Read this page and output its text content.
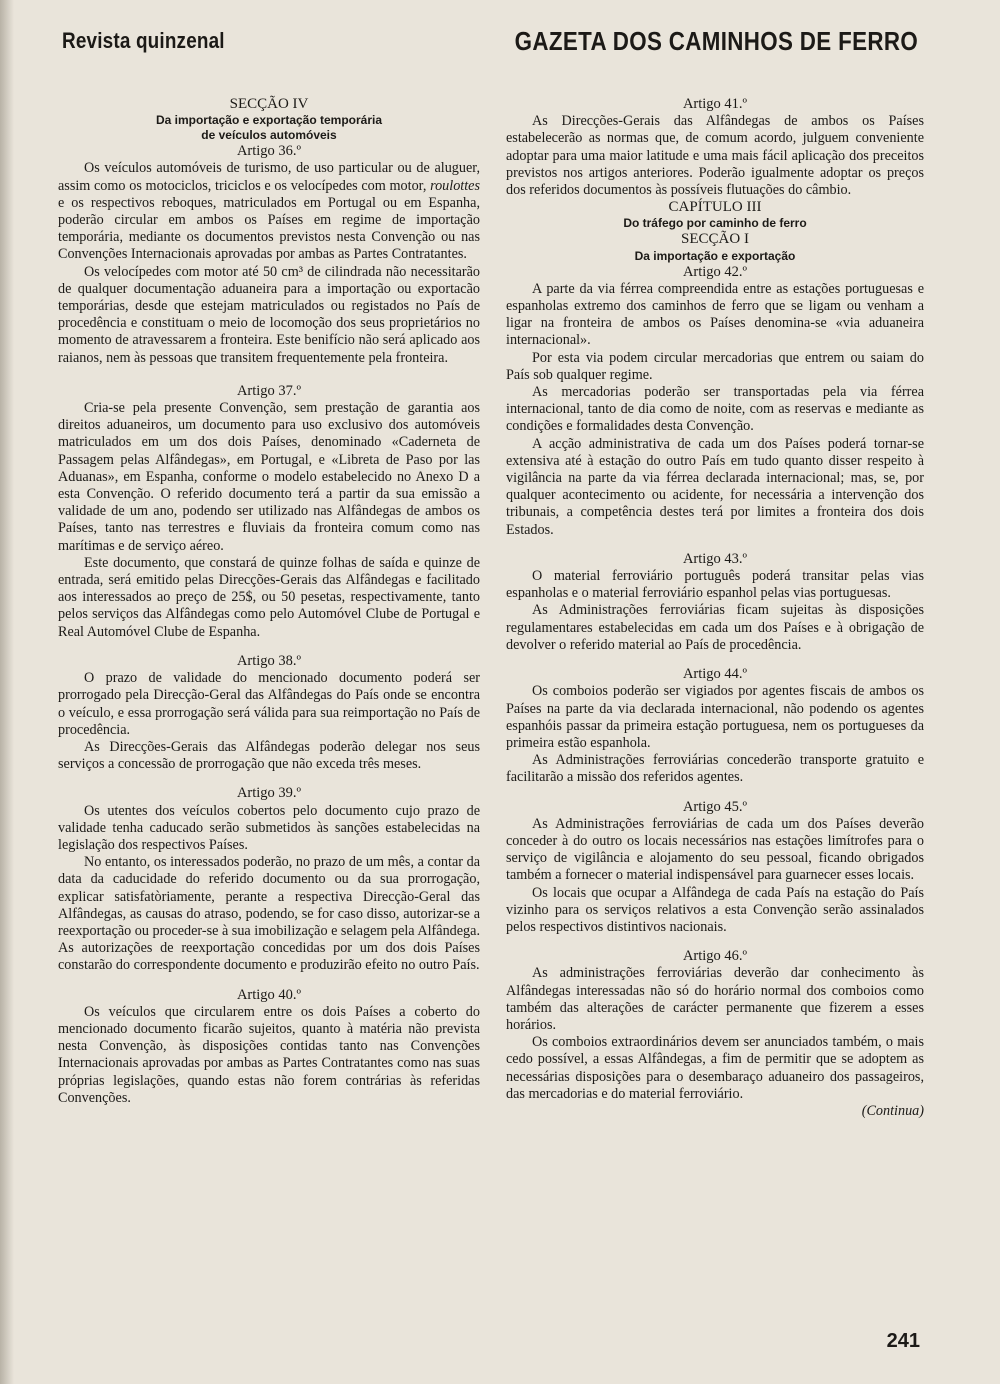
Revista quinzenal	GAZETA DOS CAMINHOS DE FERRO

SECÇÃO IV

Da importação e exportação temporária

de veículos automóveis

Artigo 36.º

Os veículos automóveis de turismo, de uso particular ou de aluguer, assim como os motociclos, triciclos e os velocípedes com motor, roulottes e os respectivos reboques, matriculados em Portugal ou em Espanha, poderão circular em ambos os Países em regime de importação temporária, mediante os documentos previstos nesta Convenção ou nas Convenções Internacionais aprovadas por ambas as Partes Contratantes.

Os velocípedes com motor até 50 cm³ de cilindrada não necessitarão de qualquer documentação aduaneira para a importação ou exportacão temporárias, desde que estejam matriculados ou registados no País de procedência e constituam o meio de locomoção dos seus proprietários no momento de atravessarem a fronteira. Este benifício não será aplicado aos raianos, nem às pessoas que transitem frequentemente pela fronteira.

Artigo 37.º

Cria-se pela presente Convenção, sem prestação de garantia aos direitos aduaneiros, um documento para uso exclusivo dos automóveis matriculados em um dos dois Países, denominado «Caderneta de Passagem pelas Alfândegas», em Portugal, e «Libreta de Paso por las Aduanas», em Espanha, conforme o modelo estabelecido no Anexo D a esta Convenção. O referido documento terá a partir da sua emissão a validade de um ano, podendo ser utilizado nas Alfândegas de ambos os Países, tanto nas terrestres e fluviais da fronteira comum como nas marítimas e de serviço aéreo.

Este documento, que constará de quinze folhas de saída e quinze de entrada, será emitido pelas Direcções-Gerais das Alfândegas e facilitado aos interessados ao preço de 25$, ou 50 pesetas, respectivamente, tanto pelos serviços das Alfândegas como pelo Automóvel Clube de Portugal e Real Automóvel Clube de Espanha.

Artigo 38.º

O prazo de validade do mencionado documento poderá ser prorrogado pela Direcção-Geral das Alfândegas do País onde se encontra o veículo, e essa prorrogação será válida para sua reimportação no País de procedência.

As Direcções-Gerais das Alfândegas poderão delegar nos seus serviços a concessão de prorrogação que não exceda três meses.

Artigo 39.º

Os utentes dos veículos cobertos pelo documento cujo prazo de validade tenha caducado serão submetidos às sanções estabelecidas na legislação dos respectivos Países.

No entanto, os interessados poderão, no prazo de um mês, a contar da data da caducidade do referido documento ou da sua prorrogação, explicar satisfatòriamente, perante a respectiva Direcção-Geral das Alfândegas, as causas do atraso, podendo, se for caso disso, autorizar-se a reexportação ou proceder-se à sua imobilização e selagem pela Alfândega. As autorizações de reexportação concedidas por um dos dois Países constarão do correspondente documento e produzirão efeito no outro País.

Artigo 40.º

Os veículos que circularem entre os dois Países a coberto do mencionado documento ficarão sujeitos, quanto à matéria não prevista nesta Convenção, às disposições contidas tanto nas Convenções Internacionais aprovadas por ambas as Partes Contratantes como nas suas próprias legislações, quando estas não forem contrárias às referidas Convenções.

Artigo 41.º

As Direcções-Gerais das Alfândegas de ambos os Países estabelecerão as normas que, de comum acordo, julguem conveniente adoptar para uma maior latitude e uma mais fácil aplicação dos preceitos previstos nos artigos anteriores. Poderão igualmente adoptar os preços dos referidos documentos às possíveis flutuações do câmbio.

CAPÍTULO III

Do tráfego por caminho de ferro

SECÇÃO I

Da importação e exportação

Artigo 42.º

A parte da via férrea compreendida entre as estações portuguesas e espanholas extremo dos caminhos de ferro que se ligam ou venham a ligar na fronteira de ambos os Países denomina-se «via aduaneira internacional».

Por esta via podem circular mercadorias que entrem ou saiam do País sob qualquer regime.

As mercadorias poderão ser transportadas pela via férrea internacional, tanto de dia como de noite, com as reservas e mediante as condições e formalidades desta Convenção.

A acção administrativa de cada um dos Países poderá tornar-se extensiva até à estação do outro País em tudo quanto disser respeito à vigilância na parte da via férrea declarada internacional; mas, se, por qualquer acontecimento ou acidente, for necessária a intervenção dos tribunais, a competência destes terá por limites a fronteira dos dois Estados.

Artigo 43.º

O material ferroviário português poderá transitar pelas vias espanholas e o material ferroviário espanhol pelas vias portuguesas.

As Administrações ferroviárias ficam sujeitas às disposições regulamentares estabelecidas em cada um dos Países e à obrigação de devolver o referido material ao País de procedência.

Artigo 44.º

Os comboios poderão ser vigiados por agentes fiscais de ambos os Países na parte da via declarada internacional, não podendo os agentes espanhóis passar da primeira estação portuguesa, nem os portugueses da primeira estão espanhola.

As Administrações ferroviárias concederão transporte gratuito e facilitarão a missão dos referidos agentes.

Artigo 45.º

As Administrações ferroviárias de cada um dos Países deverão conceder à do outro os locais necessários nas estações limítrofes para o serviço de vigilância e alojamento do seu pessoal, ficando obrigados também a fornecer o material indispensável para guarnecer esses locais.

Os locais que ocupar a Alfândega de cada País na estação do País vizinho para os serviços relativos a esta Convenção serão assinalados pelos respectivos distintivos nacionais.

Artigo 46.º

As administrações ferroviárias deverão dar conhecimento às Alfândegas interessadas não só do horário normal dos comboios como também das alterações de carácter permanente que fizerem a esses horários.

Os comboios extraordinários devem ser anunciados também, o mais cedo possível, a essas Alfândegas, a fim de permitir que se adoptem as necessárias disposições para o desembaraço aduaneiro dos passageiros, das mercadorias e do material ferroviário.

(Continua)

241
